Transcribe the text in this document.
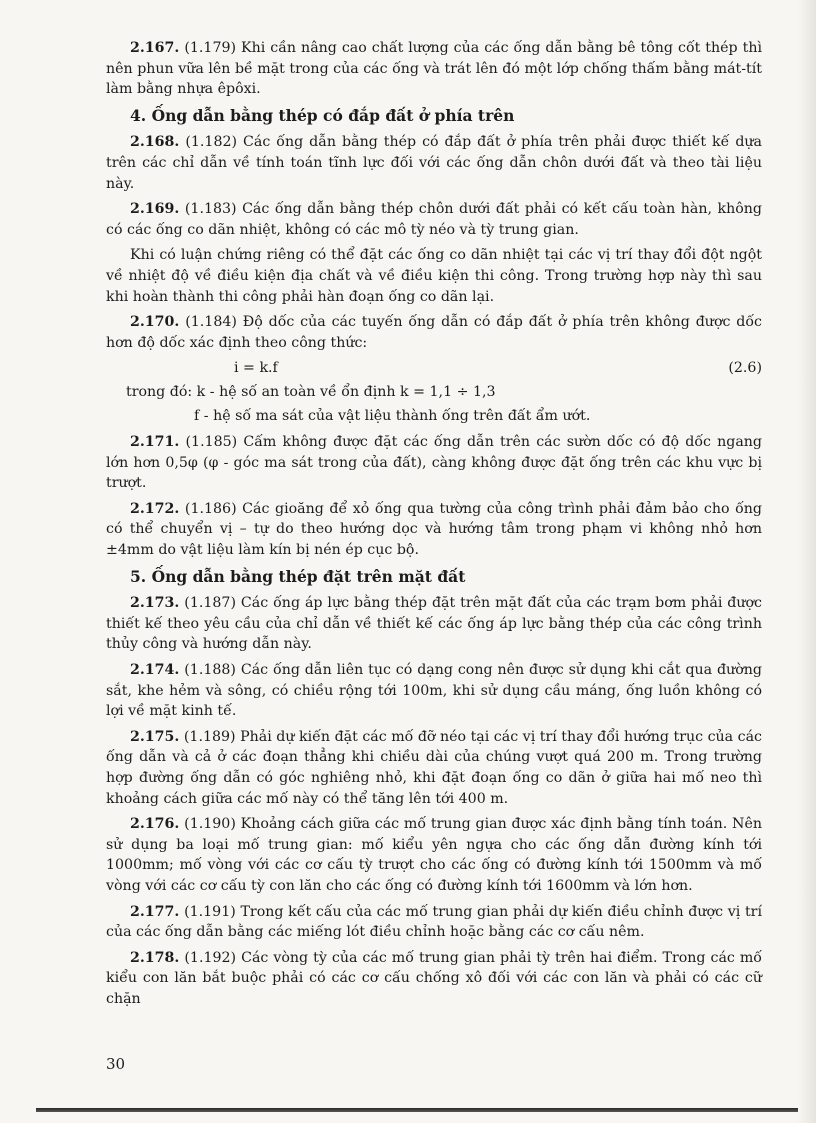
2.167. (1.179) Khi cần nâng cao chất lượng của các ống dẫn bằng bê tông cốt thép thì nên phun vữa lên bề mặt trong của các ống và trát lên đó một lớp chống thấm bằng mát-tít làm bằng nhựa êpôxi.

4. Ống dẫn bằng thép có đắp đất ở phía trên

2.168. (1.182) Các ống dẫn bằng thép có đắp đất ở phía trên phải được thiết kế dựa trên các chỉ dẫn về tính toán tĩnh lực đối với các ống dẫn chôn dưới đất và theo tài liệu này.

2.169. (1.183) Các ống dẫn bằng thép chôn dưới đất phải có kết cấu toàn hàn, không có các ống co dãn nhiệt, không có các mô tỳ néo và tỳ trung gian.

Khi có luận chứng riêng có thể đặt các ống co dãn nhiệt tại các vị trí thay đổi đột ngột về nhiệt độ về điều kiện địa chất và về điều kiện thi công. Trong trường hợp này thì sau khi hoàn thành thi công phải hàn đoạn ống co dãn lại.

2.170. (1.184) Độ dốc của các tuyến ống dẫn có đắp đất ở phía trên không được dốc hơn độ dốc xác định theo công thức:

i = k.f	(2.6)
trong đó: k - hệ số an toàn về ổn định k = 1,1 ÷ 1,3
f - hệ số ma sát của vật liệu thành ống trên đất ẩm ướt.

2.171. (1.185) Cấm không được đặt các ống dẫn trên các sườn dốc có độ dốc ngang lớn hơn 0,5φ (φ - góc ma sát trong của đất), càng không được đặt ống trên các khu vực bị trượt.

2.172. (1.186) Các gioăng để xỏ ống qua tường của công trình phải đảm bảo cho ống có thể chuyển vị – tự do theo hướng dọc và hướng tâm trong phạm vi không nhỏ hơn ±4mm do vật liệu làm kín bị nén ép cục bộ.

5. Ống dẫn bằng thép đặt trên mặt đất

2.173. (1.187) Các ống áp lực bằng thép đặt trên mặt đất của các trạm bơm phải được thiết kế theo yêu cầu của chỉ dẫn về thiết kế các ống áp lực bằng thép của các công trình thủy công và hướng dẫn này.

2.174. (1.188) Các ống dẫn liên tục có dạng cong nên được sử dụng khi cắt qua đường sắt, khe hẻm và sông, có chiều rộng tới 100m, khi sử dụng cầu máng, ống luồn không có lợi về mặt kinh tế.

2.175. (1.189) Phải dự kiến đặt các mố đỡ néo tại các vị trí thay đổi hướng trục của các ống dẫn và cả ở các đoạn thẳng khi chiều dài của chúng vượt quá 200 m. Trong trường hợp đường ống dẫn có góc nghiêng nhỏ, khi đặt đoạn ống co dãn ở giữa hai mố neo thì khoảng cách giữa các mố này có thể tăng lên tới 400 m.

2.176. (1.190) Khoảng cách giữa các mố trung gian được xác định bằng tính toán. Nên sử dụng ba loại mố trung gian: mố kiểu yên ngựa cho các ống dẫn đường kính tới 1000mm; mố vòng với các cơ cấu tỳ trượt cho các ống có đường kính tới 1500mm và mố vòng với các cơ cấu tỳ con lăn cho các ống có đường kính tới 1600mm và lớn hơn.

2.177. (1.191) Trong kết cấu của các mố trung gian phải dự kiến điều chỉnh được vị trí của các ống dẫn bằng các miếng lót điều chỉnh hoặc bằng các cơ cấu nêm.

2.178. (1.192) Các vòng tỳ của các mố trung gian phải tỳ trên hai điểm. Trong các mố kiểu con lăn bắt buộc phải có các cơ cấu chống xô đối với các con lăn và phải có các cữ chặn

30
